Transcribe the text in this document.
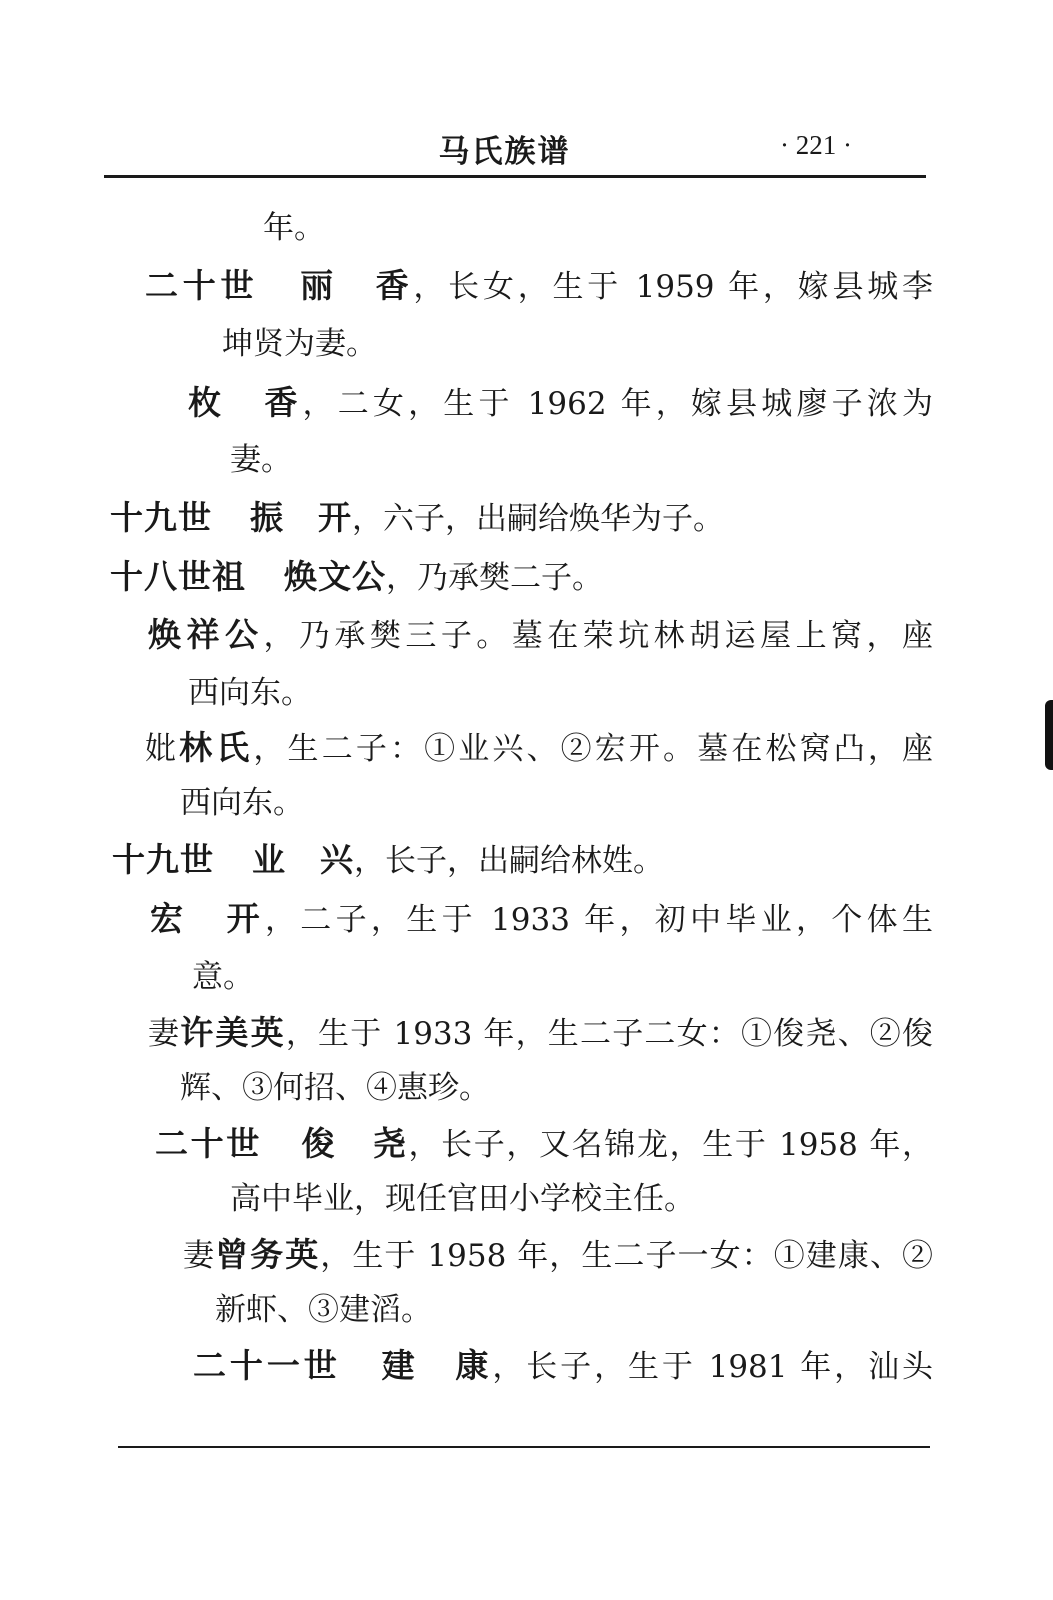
马氏族谱	· 221 ·
年。
二十世 丽　香，长女，生于 1959 年，嫁县城李
坤贤为妻。
枚　香，二女，生于 1962 年，嫁县城廖子浓为
妻。
十九世 振　开，六子，出嗣给焕华为子。
十八世祖 焕文公，乃承樊二子。
焕祥公，乃承樊三子。墓在荣坑林胡运屋上窝，座
西向东。
妣林氏，生二子：①业兴、②宏开。墓在松窝凸，座
西向东。
十九世 业　兴，长子，出嗣给林姓。
宏　开，二子，生于 1933 年，初中毕业，个体生
意。
妻许美英，生于 1933 年，生二子二女：①俊尧、②俊
辉、③何招、④惠珍。
二十世 俊　尧，长子，又名锦龙，生于 1958 年，
高中毕业，现任官田小学校主任。
妻曾务英，生于 1958 年，生二子一女：①建康、②
新虾、③建滔。
二十一世 建　康，长子，生于 1981 年，汕头
